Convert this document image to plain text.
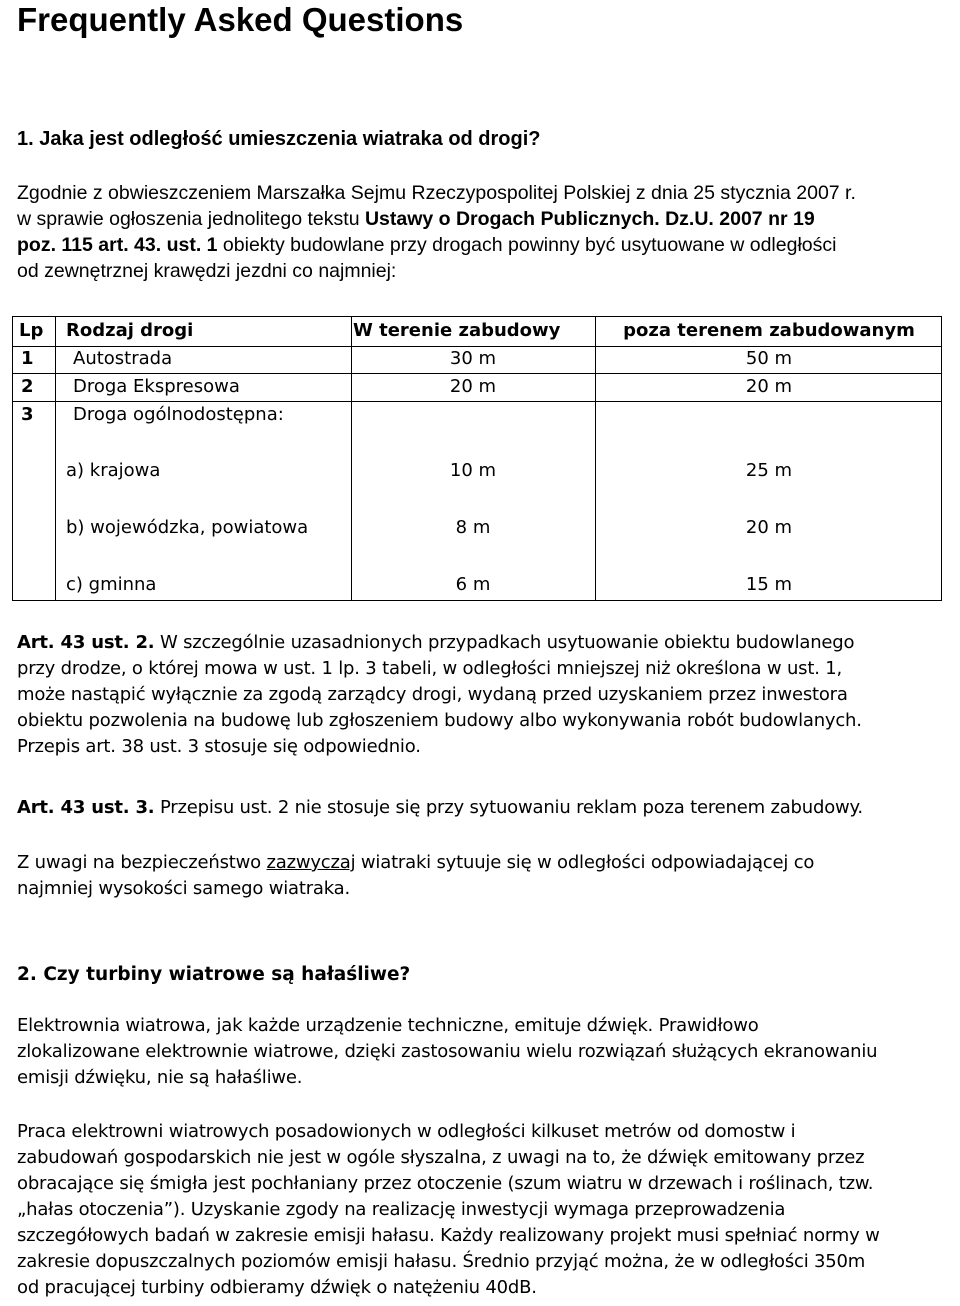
Frequently Asked Questions
1. Jaka jest odległość umieszczenia wiatraka od drogi?
Zgodnie z obwieszczeniem Marszałka Sejmu Rzeczypospolitej Polskiej z dnia 25 stycznia 2007 r.
w sprawie ogłoszenia jednolitego tekstu Ustawy o Drogach Publicznych. Dz.U. 2007 nr 19
poz. 115 art. 43. ust. 1 obiekty budowlane przy drogach powinny być usytuowane w odległości
od zewnętrznej krawędzi jezdni co najmniej:
Lp Rodzaj drogi	W terenie zabudowy	poza terenem zabudowanym
1 Autostrada	30 m	50 m
2 Droga Ekspresowa	20 m	20 m
3 Droga ogólnodostępna:
a) krajowa	10 m	25 m
b) wojewódzka, powiatowa	8 m	20 m
c) gminna	6 m	15 m
Art. 43 ust. 2. W szczególnie uzasadnionych przypadkach usytuowanie obiektu budowlanego
przy drodze, o której mowa w ust. 1 lp. 3 tabeli, w odległości mniejszej niż określona w ust. 1,
może nastąpić wyłącznie za zgodą zarządcy drogi, wydaną przed uzyskaniem przez inwestora
obiektu pozwolenia na budowę lub zgłoszeniem budowy albo wykonywania robót budowlanych.
Przepis art. 38 ust. 3 stosuje się odpowiednio.
Art. 43 ust. 3. Przepisu ust. 2 nie stosuje się przy sytuowaniu reklam poza terenem zabudowy.
Z uwagi na bezpieczeństwo zazwyczaj wiatraki sytuuje się w odległości odpowiadającej co
najmniej wysokości samego wiatraka.
2. Czy turbiny wiatrowe są hałaśliwe?
Elektrownia wiatrowa, jak każde urządzenie techniczne, emituje dźwięk. Prawidłowo
zlokalizowane elektrownie wiatrowe, dzięki zastosowaniu wielu rozwiązań służących ekranowaniu
emisji dźwięku, nie są hałaśliwe.
Praca elektrowni wiatrowych posadowionych w odległości kilkuset metrów od domostw i
zabudowań gospodarskich nie jest w ogóle słyszalna, z uwagi na to, że dźwięk emitowany przez
obracające się śmigła jest pochłaniany przez otoczenie (szum wiatru w drzewach i roślinach, tzw.
„hałas otoczenia”). Uzyskanie zgody na realizację inwestycji wymaga przeprowadzenia
szczegółowych badań w zakresie emisji hałasu. Każdy realizowany projekt musi spełniać normy w
zakresie dopuszczalnych poziomów emisji hałasu. Średnio przyjąć można, że w odległości 350m
od pracującej turbiny odbieramy dźwięk o natężeniu 40dB.
